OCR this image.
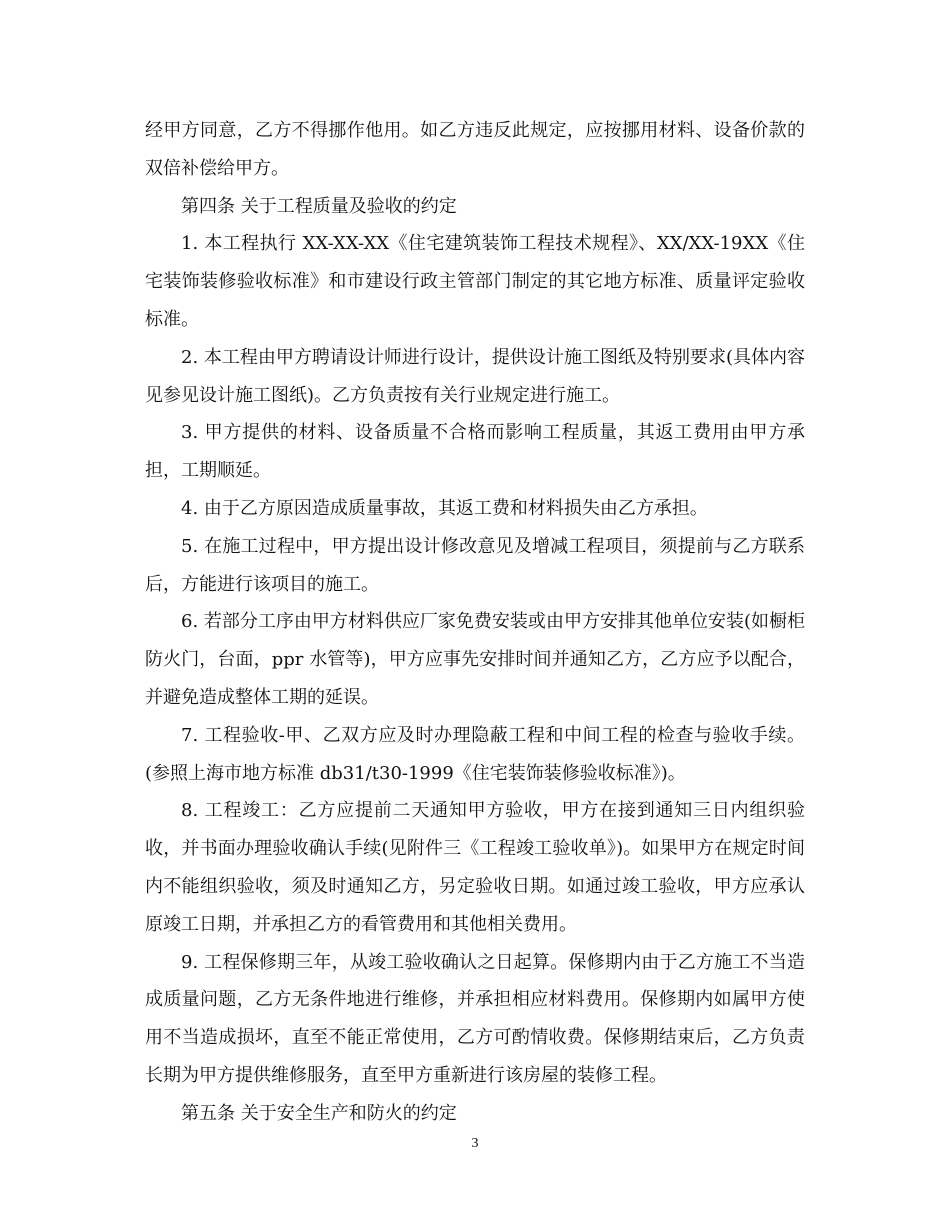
经甲方同意，乙方不得挪作他用。如乙方违反此规定，应按挪用材料、设备价款的双倍补偿给甲方。

第四条 关于工程质量及验收的约定

1. 本工程执行 XX-XX-XX《住宅建筑装饰工程技术规程》、XX/XX-19XX《住宅装饰装修验收标准》和市建设行政主管部门制定的其它地方标准、质量评定验收标准。

2. 本工程由甲方聘请设计师进行设计，提供设计施工图纸及特别要求(具体内容见参见设计施工图纸)。乙方负责按有关行业规定进行施工。

3. 甲方提供的材料、设备质量不合格而影响工程质量，其返工费用由甲方承担，工期顺延。

4. 由于乙方原因造成质量事故，其返工费和材料损失由乙方承担。

5. 在施工过程中，甲方提出设计修改意见及增减工程项目，须提前与乙方联系后，方能进行该项目的施工。

6. 若部分工序由甲方材料供应厂家免费安装或由甲方安排其他单位安装(如橱柜防火门，台面，ppr 水管等)，甲方应事先安排时间并通知乙方，乙方应予以配合，并避免造成整体工期的延误。

7. 工程验收-甲、乙双方应及时办理隐蔽工程和中间工程的检查与验收手续。(参照上海市地方标准 db31/t30-1999《住宅装饰装修验收标准》)。

8. 工程竣工：乙方应提前二天通知甲方验收，甲方在接到通知三日内组织验收，并书面办理验收确认手续(见附件三《工程竣工验收单》)。如果甲方在规定时间内不能组织验收，须及时通知乙方，另定验收日期。如通过竣工验收，甲方应承认原竣工日期，并承担乙方的看管费用和其他相关费用。

9. 工程保修期三年，从竣工验收确认之日起算。保修期内由于乙方施工不当造成质量问题，乙方无条件地进行维修，并承担相应材料费用。保修期内如属甲方使用不当造成损坏，直至不能正常使用，乙方可酌情收费。保修期结束后，乙方负责长期为甲方提供维修服务，直至甲方重新进行该房屋的装修工程。

第五条 关于安全生产和防火的约定

3
